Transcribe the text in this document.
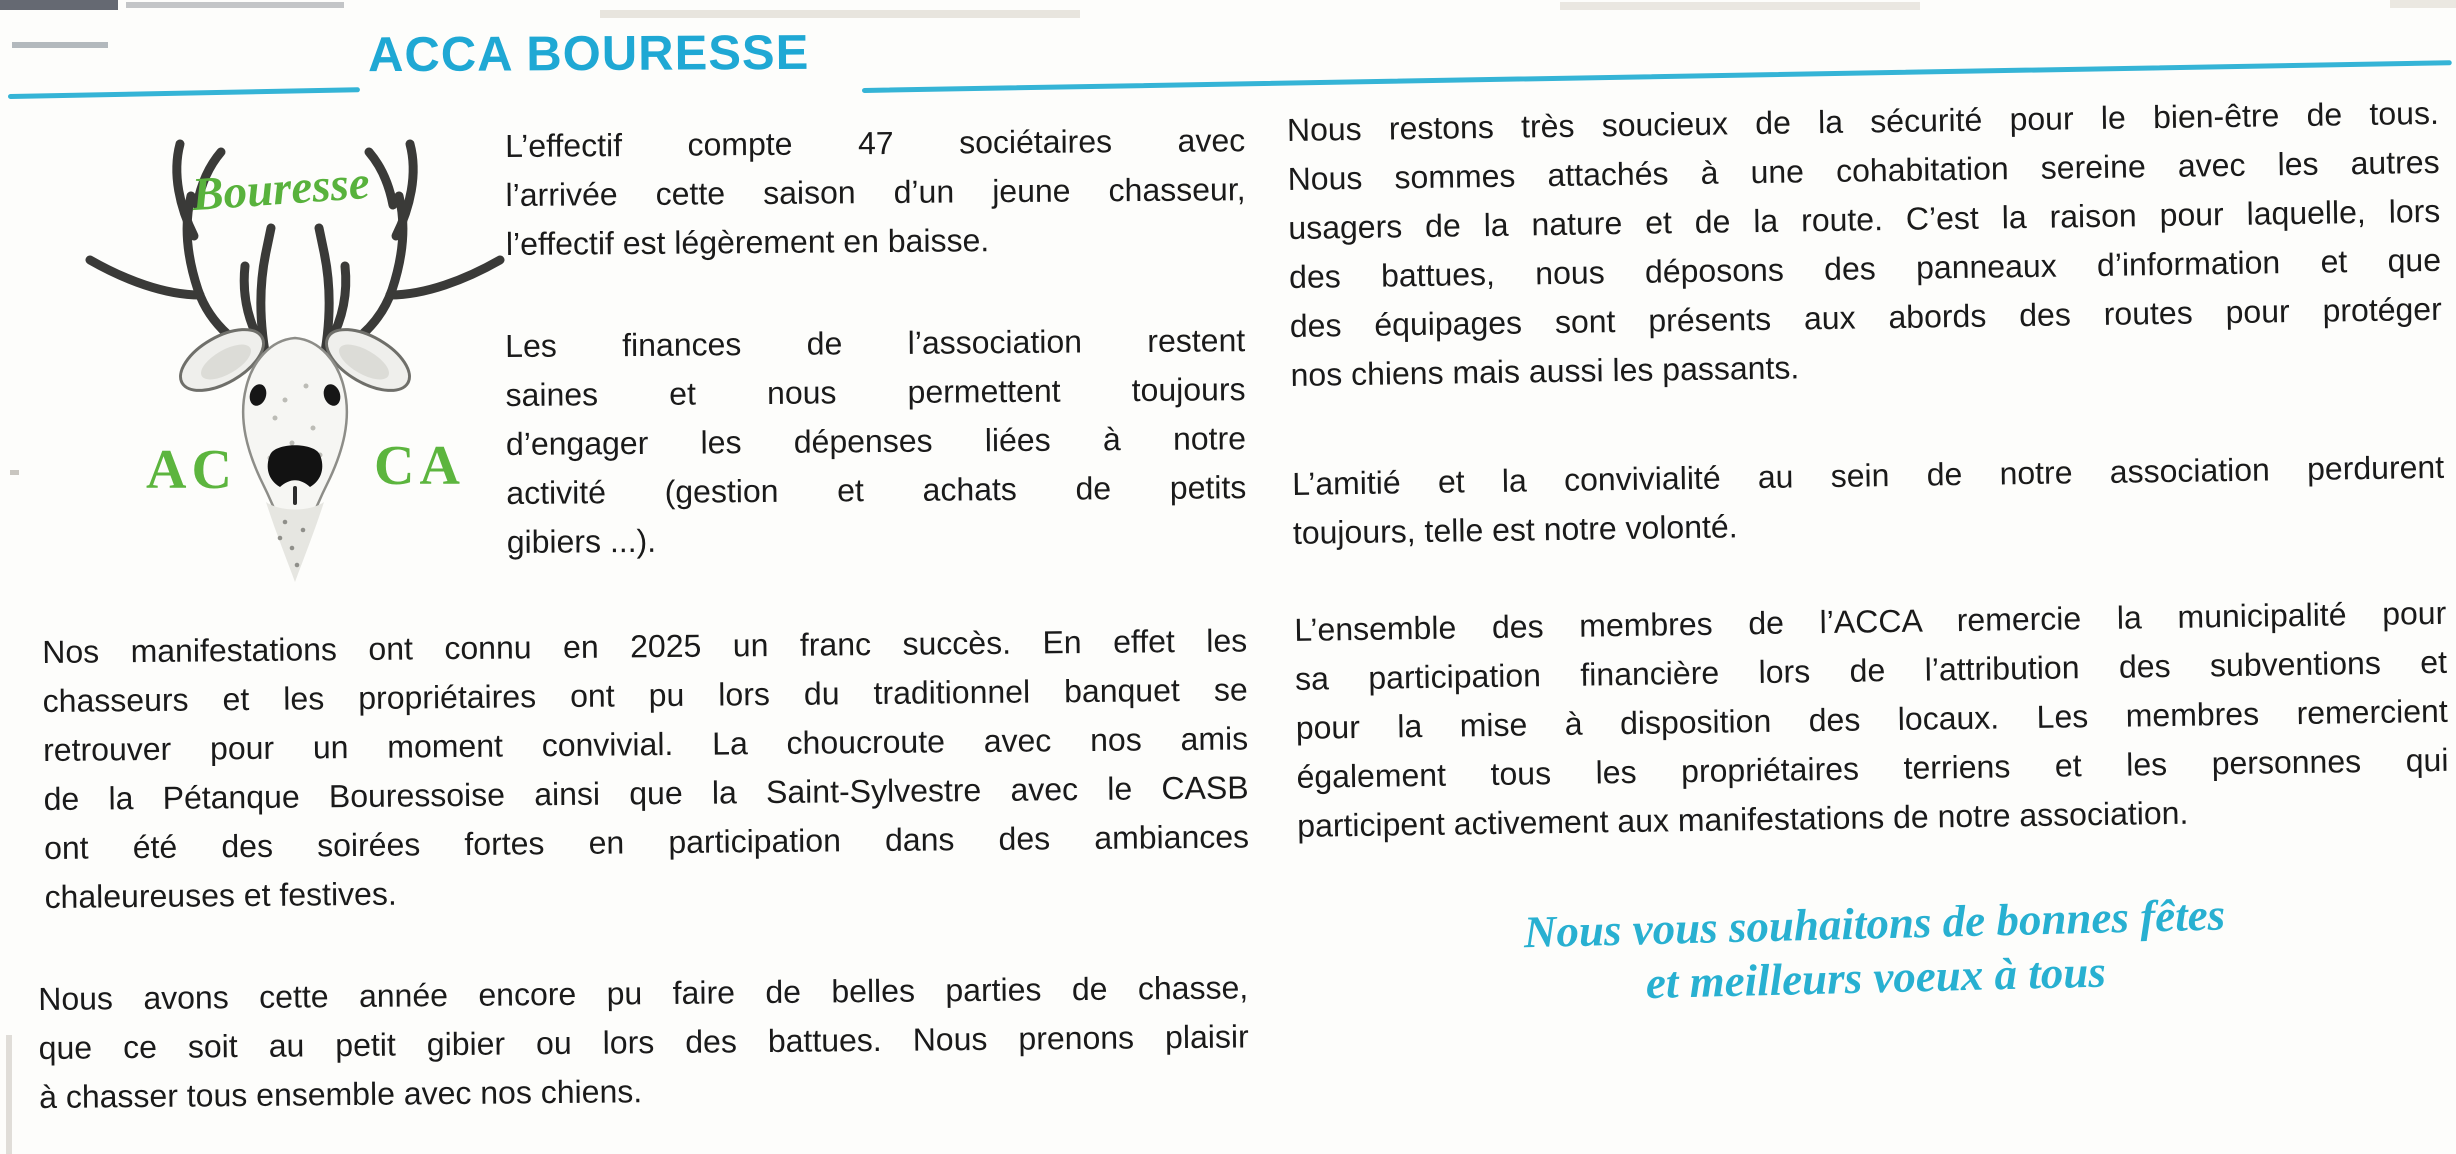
ACCA BOURESSE
Bouresse
AC CA
L’effectif compte 47 sociétaires avec
l’arrivée cette saison d’un jeune chasseur,
l’effectif est légèrement en baisse.
Les finances de l’association restent
saines et nous permettent toujours
d’engager les dépenses liées à notre
activité (gestion et achats de petits
gibiers ...).
Nos manifestations ont connu en 2025 un franc succès. En effet les
chasseurs et les propriétaires ont pu lors du traditionnel banquet se
retrouver pour un moment convivial. La choucroute avec nos amis
de la Pétanque Bouressoise ainsi que la Saint-Sylvestre avec le CASB
ont été des soirées fortes en participation dans des ambiances
chaleureuses et festives.
Nous avons cette année encore pu faire de belles parties de chasse,
que ce soit au petit gibier ou lors des battues. Nous prenons plaisir
à chasser tous ensemble avec nos chiens.
Nous restons très soucieux de la sécurité pour le bien-être de tous.
Nous sommes attachés à une cohabitation sereine avec les autres
usagers de la nature et de la route. C’est la raison pour laquelle, lors
des battues, nous déposons des panneaux d’information et que
des équipages sont présents aux abords des routes pour protéger
nos chiens mais aussi les passants.
L’amitié et la convivialité au sein de notre association perdurent
toujours, telle est notre volonté.
L’ensemble des membres de l’ACCA remercie la municipalité pour
sa participation financière lors de l’attribution des subventions et
pour la mise à disposition des locaux. Les membres remercient
également tous les propriétaires terriens et les personnes qui
participent activement aux manifestations de notre association.
Nous vous souhaitons de bonnes fêtes
et meilleurs voeux à tous
